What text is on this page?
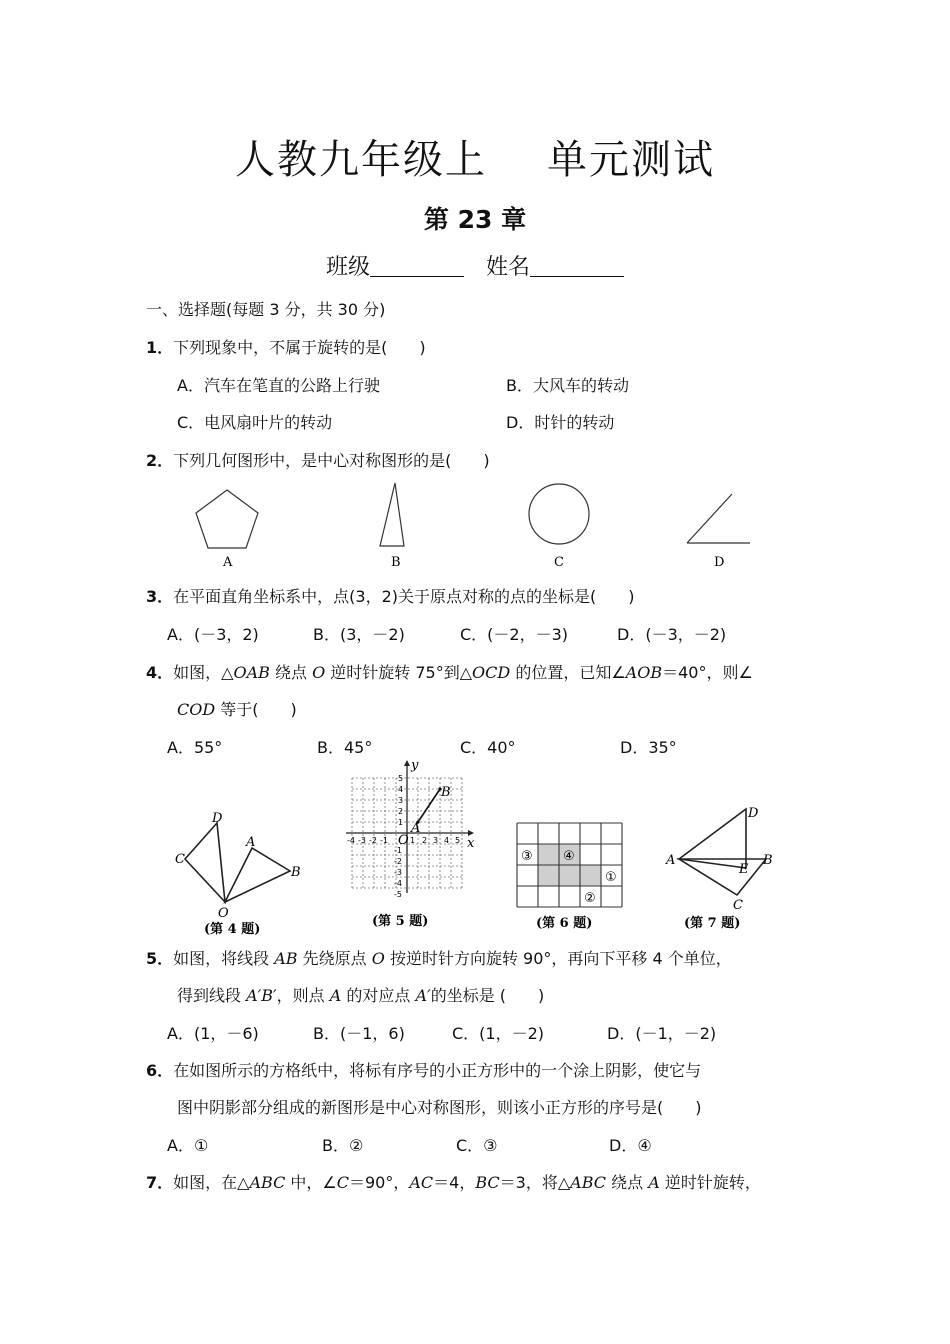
人教九年级上 单元测试
第 23 章
班级	姓名
一、选择题(每题 3 分，共 30 分)
1．下列现象中，不属于旋转的是(　　)
A．汽车在笔直的公路上行驶	B．大风车的转动
C．电风扇叶片的转动	D．时针的转动
2．下列几何图形中，是中心对称图形的是(　　)
A	B	C	D
3．在平面直角坐标系中，点(3，2)关于原点对称的点的坐标是(　　)
A．(－3，2)	B．(3，－2)	C．(－2，－3)	D．(－3，－2)
4．如图，△OAB 绕点 O 逆时针旋转 75°到△OCD 的位置，已知∠AOB＝40°，则∠
COD 等于(　　)
A．55°	B．45°	C．40°	D．35°
D
C
A
B
O
(第 4 题)
y
x
O
-4 -3 -2 -1	1 2 3 4 5
5
4
3
2
1
-1
-2
-3
-4
-5
A
B
(第 5 题)
③ ④
①
②
(第 6 题)
D
A	B
E
C
(第 7 题)
5．如图，将线段 AB 先绕原点 O 按逆时针方向旋转 90°，再向下平移 4 个单位，
得到线段 A′B′，则点 A 的对应点 A′的坐标是 (　　)
A．(1，－6)	B．(－1，6)	C．(1，－2)	D．(－1，－2)
6．在如图所示的方格纸中，将标有序号的小正方形中的一个涂上阴影，使它与
图中阴影部分组成的新图形是中心对称图形，则该小正方形的序号是(　　)
A．①	B．②	C．③	D．④
7．如图，在△ABC 中，∠C＝90°，AC＝4，BC＝3，将△ABC 绕点 A 逆时针旋转，
